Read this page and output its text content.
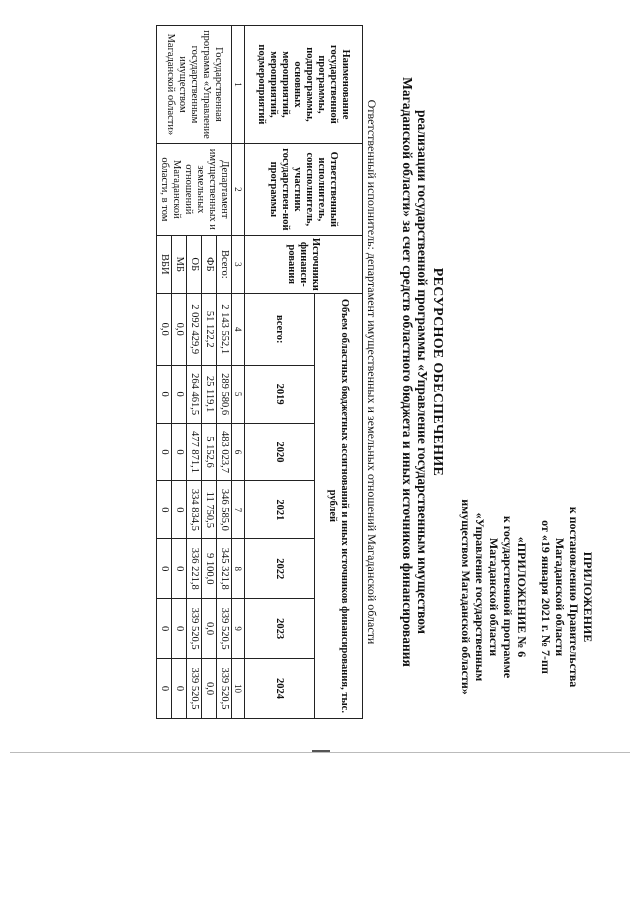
ПРИЛОЖЕНИЕ
к постановлению Правительства
Магаданской области
от «19 января 2021 г. № 7-пп
«ПРИЛОЖЕНИЕ № 6
к государственной программе
Магаданской области
«Управление государственным
имуществом Магаданской области»
РЕСУРСНОЕ ОБЕСПЕЧЕНИЕ
реализации государственной программы «Управление государственным имуществом
Магаданской области» за счет средств областного бюджета и иных источников финансирования
Ответственный исполнитель: департамент имущественных и земельных отношений Магаданской области
Наименование государственной программы, подпрограммы, основных мероприятий, мероприятий, подмероприятий	Ответственный исполнитель, соисполнитель, участник государствен-ной программы	Источники финанси-рования	Объем областных бюджетных ассигнований и иных источников финансирования, тыс. рублей						
			всего:	2019	2020	2021	2022	2023	2024
1	2	3	4	5	6	7	8	9	10
Государственная программа «Управление государственным имуществом Магаданской области»	Департамент имущественных и земельных отношений Магаданской области, в том	Всего:	2 143 552,1	289 580,6	483 023,7	346 585,0	345 321,8	339 520,5	339 520,5
		ФБ	51 122,2	25 119,1	5 152,6	11 750,5	9 100,0	0,0	0,0
		ОБ	2 092 429,9	264 461,5	477 871,1	334 834,5	336 221,8	339 520,5	339 520,5
		МБ	0,0	0	0	0	0	0	0
		ВБИ	0,0	0	0	0	0	0	0
